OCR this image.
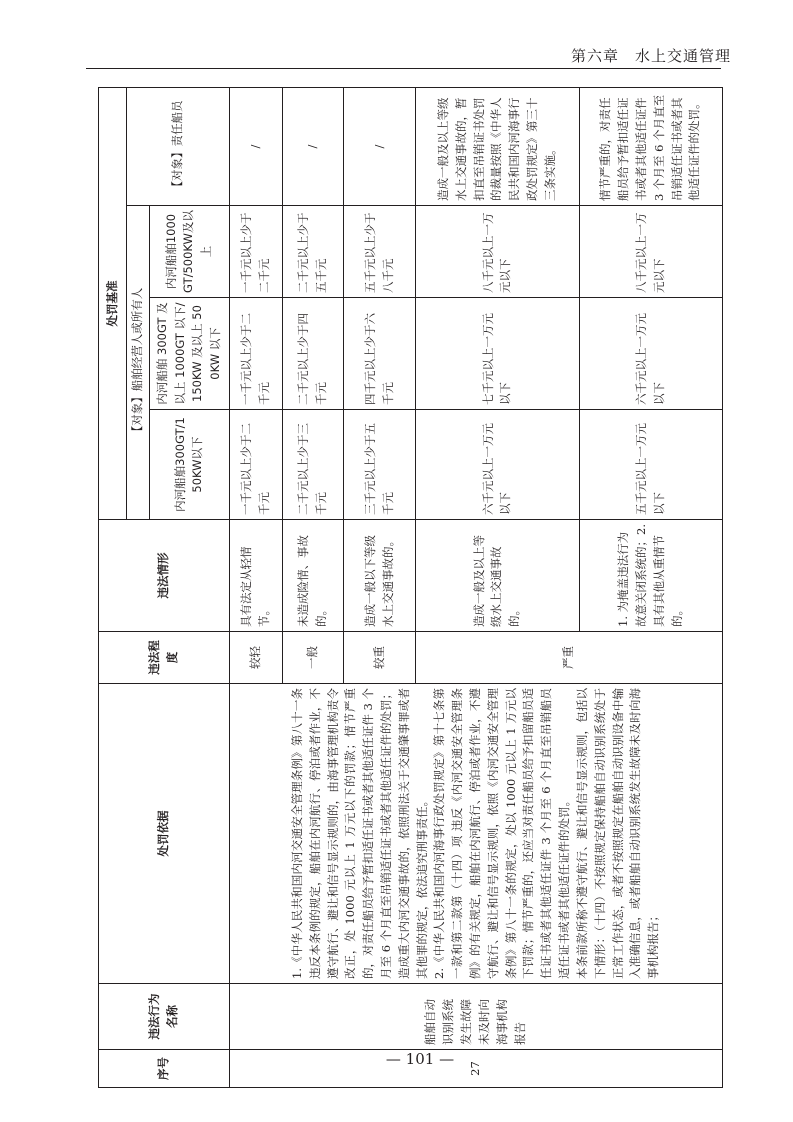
第六章　水上交通管理
序号	违法行为名称	处罚依据	违法程度	违法情形	处罚基准			
					【对象】船舶经营人或所有人			【对象】责任船员
					内河船舶300GT/150KW以下	内河船舶 300GT 及以上 1000GT 以下/150KW 及以上 500KW 以下	内河船舶1000GT/500KW及以上	
27	船舶自动识别系统发生故障未及时向海事机构报告	1.《中华人民共和国内河交通安全管理条例》第八十一条 违反本条例的规定，船舶在内河航行、停泊或者作业，不遵守航行、避让和信号显示规则的，由海事管理机构责令改正，处 1000 元以上 1 万元以下的罚款；情节严重的，对责任船员给予暂扣适任证书或者其他适任证件 3 个月至 6 个月直至吊销适任证书或者其他适任证件的处罚；造成重大内河交通事故的，依照刑法关于交通肇事罪或者其他罪的规定，依法追究刑事责任。 2.《中华人民共和国内河海事行政处罚规定》第十七条第一款和第二款第（十四）项 违反《内河交通安全管理条例》的有关规定，船舶在内河航行、停泊或者作业，不遵守航行、避让和信号显示规则，依照《内河交通安全管理条例》第八十一条的规定，处以 1000 元以上 1 万元以下罚款；情节严重的，还应当对责任船员给予扣留船员适任证书或者其他适任证件 3 个月至 6 个月直至吊销船员适任证书或者其他适任证件的处罚。 本条前款所称不遵守航行、避让和信号显示规则，包括以下情形：（十四）不按照规定保持船舶自动识别系统处于正常工作状态，或者不按照规定在船舶自动识别设备中输入准确信息，或者船舶自动识别系统发生故障未及时向海事机构报告；	较轻	具有法定从轻情节。	一千元以上少于二千元	一千元以上少于二千元	一千元以上少于二千元	/
			一般	未造成险情、事故的。	二千元以上少于三千元	二千元以上少于四千元	二千元以上少于五千元	/
			较重	造成一般以下等级水上交通事故的。	三千元以上少于五千元	四千元以上少于六千元	五千元以上少于八千元	/
			严重	造成一般及以上等级水上交通事故的。	六千元以上一万元以下	七千元以上一万元以下	八千元以上一万元以下	造成一般及以上等级水上交通事故的，暂扣直至吊销证书处罚的裁量按照《中华人民共和国内河海事行政处罚规定》第三十三条实施。
				1. 为掩盖违法行为故意关闭系统的；2. 具有其他从重情节的。	五千元以上一万元以下	六千元以上一万元以下	八千元以上一万元以下	情节严重的，对责任船员给予暂扣适任证书或者其他适任证件 3 个月至 6 个月直至吊销适任证书或者其他适任证件的处罚。
— 101 —
